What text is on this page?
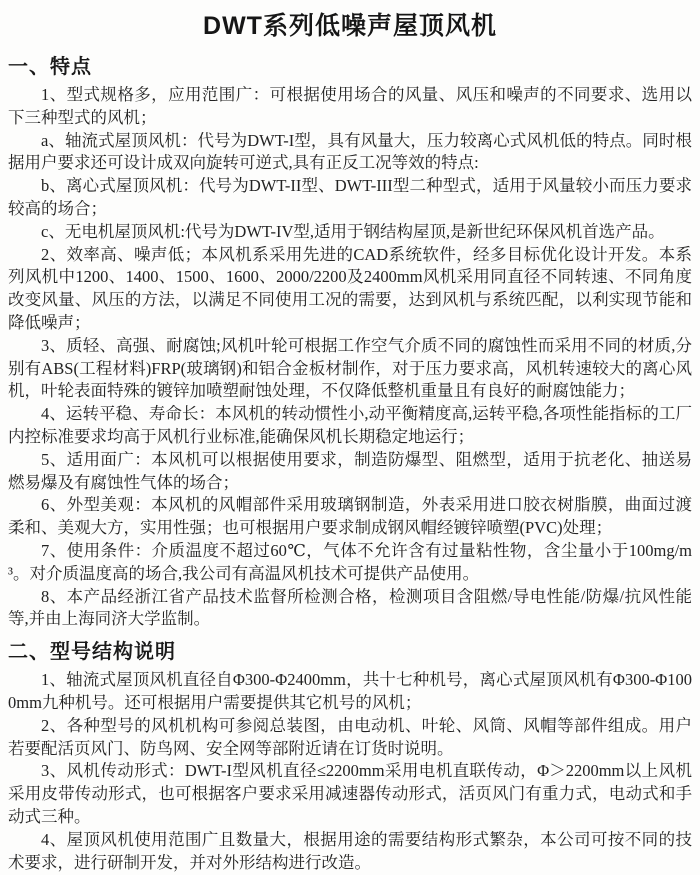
DWT系列低噪声屋顶风机
一、特点

1、型式规格多，应用范围广：可根据使用场合的风量、风压和噪声的不同要求、选用以下三种型式的风机；

a、轴流式屋顶风机：代号为DWT-I型，具有风量大，压力较离心式风机低的特点。同时根据用户要求还可设计成双向旋转可逆式,具有正反工况等效的特点:

b、离心式屋顶风机：代号为DWT-II型、DWT-III型二种型式，适用于风量较小而压力要求较高的场合；

c、无电机屋顶风机:代号为DWT-IV型,适用于钢结构屋顶,是新世纪环保风机首选产品。

2、效率高、噪声低；本风机系采用先进的CAD系统软件，经多目标优化设计开发。本系列风机中1200、1400、1500、1600、2000/2200及2400mm风机采用同直径不同转速、不同角度改变风量、风压的方法，以满足不同使用工况的需要，达到风机与系统匹配，以利实现节能和降低噪声；

3、质轻、高强、耐腐蚀;风机叶轮可根据工作空气介质不同的腐蚀性而采用不同的材质,分别有ABS(工程材料)FRP(玻璃钢)和铝合金板材制作，对于压力要求高，风机转速较大的离心风机，叶轮表面特殊的镀锌加喷塑耐蚀处理，不仅降低整机重量且有良好的耐腐蚀能力；

4、运转平稳、寿命长：本风机的转动惯性小,动平衡精度高,运转平稳,各项性能指标的工厂内控标准要求均高于风机行业标准,能确保风机长期稳定地运行；

5、适用面广：本风机可以根据使用要求，制造防爆型、阻燃型，适用于抗老化、抽送易燃易爆及有腐蚀性气体的场合；

6、外型美观：本风机的风帽部件采用玻璃钢制造，外表采用进口胶衣树脂膜，曲面过渡柔和、美观大方，实用性强；也可根据用户要求制成钢风帽经镀锌喷塑(PVC)处理；

7、使用条件：介质温度不超过60℃，气体不允许含有过量粘性物，含尘量小于100mg/m³。对介质温度高的场合,我公司有高温风机技术可提供产品使用。

8、本产品经浙江省产品技术监督所检测合格，检测项目含阻燃/导电性能/防爆/抗风性能等,并由上海同济大学监制。

二、型号结构说明

1、轴流式屋顶风机直径自Φ300-Φ2400mm，共十七种机号，离心式屋顶风机有Φ300-Φ1000mm九种机号。还可根据用户需要提供其它机号的风机；

2、各种型号的风机机构可参阅总装图，由电动机、叶轮、风筒、风帽等部件组成。用户若要配活页风门、防鸟网、安全网等部附近请在订货时说明。

3、风机传动形式：DWT-I型风机直径≤2200mm采用电机直联传动，Φ＞2200mm以上风机采用皮带传动形式，也可根据客户要求采用减速器传动形式，活页风门有重力式，电动式和手动式三种。

4、屋顶风机使用范围广且数量大，根据用途的需要结构形式繁杂，本公司可按不同的技术要求，进行研制开发，并对外形结构进行改造。
